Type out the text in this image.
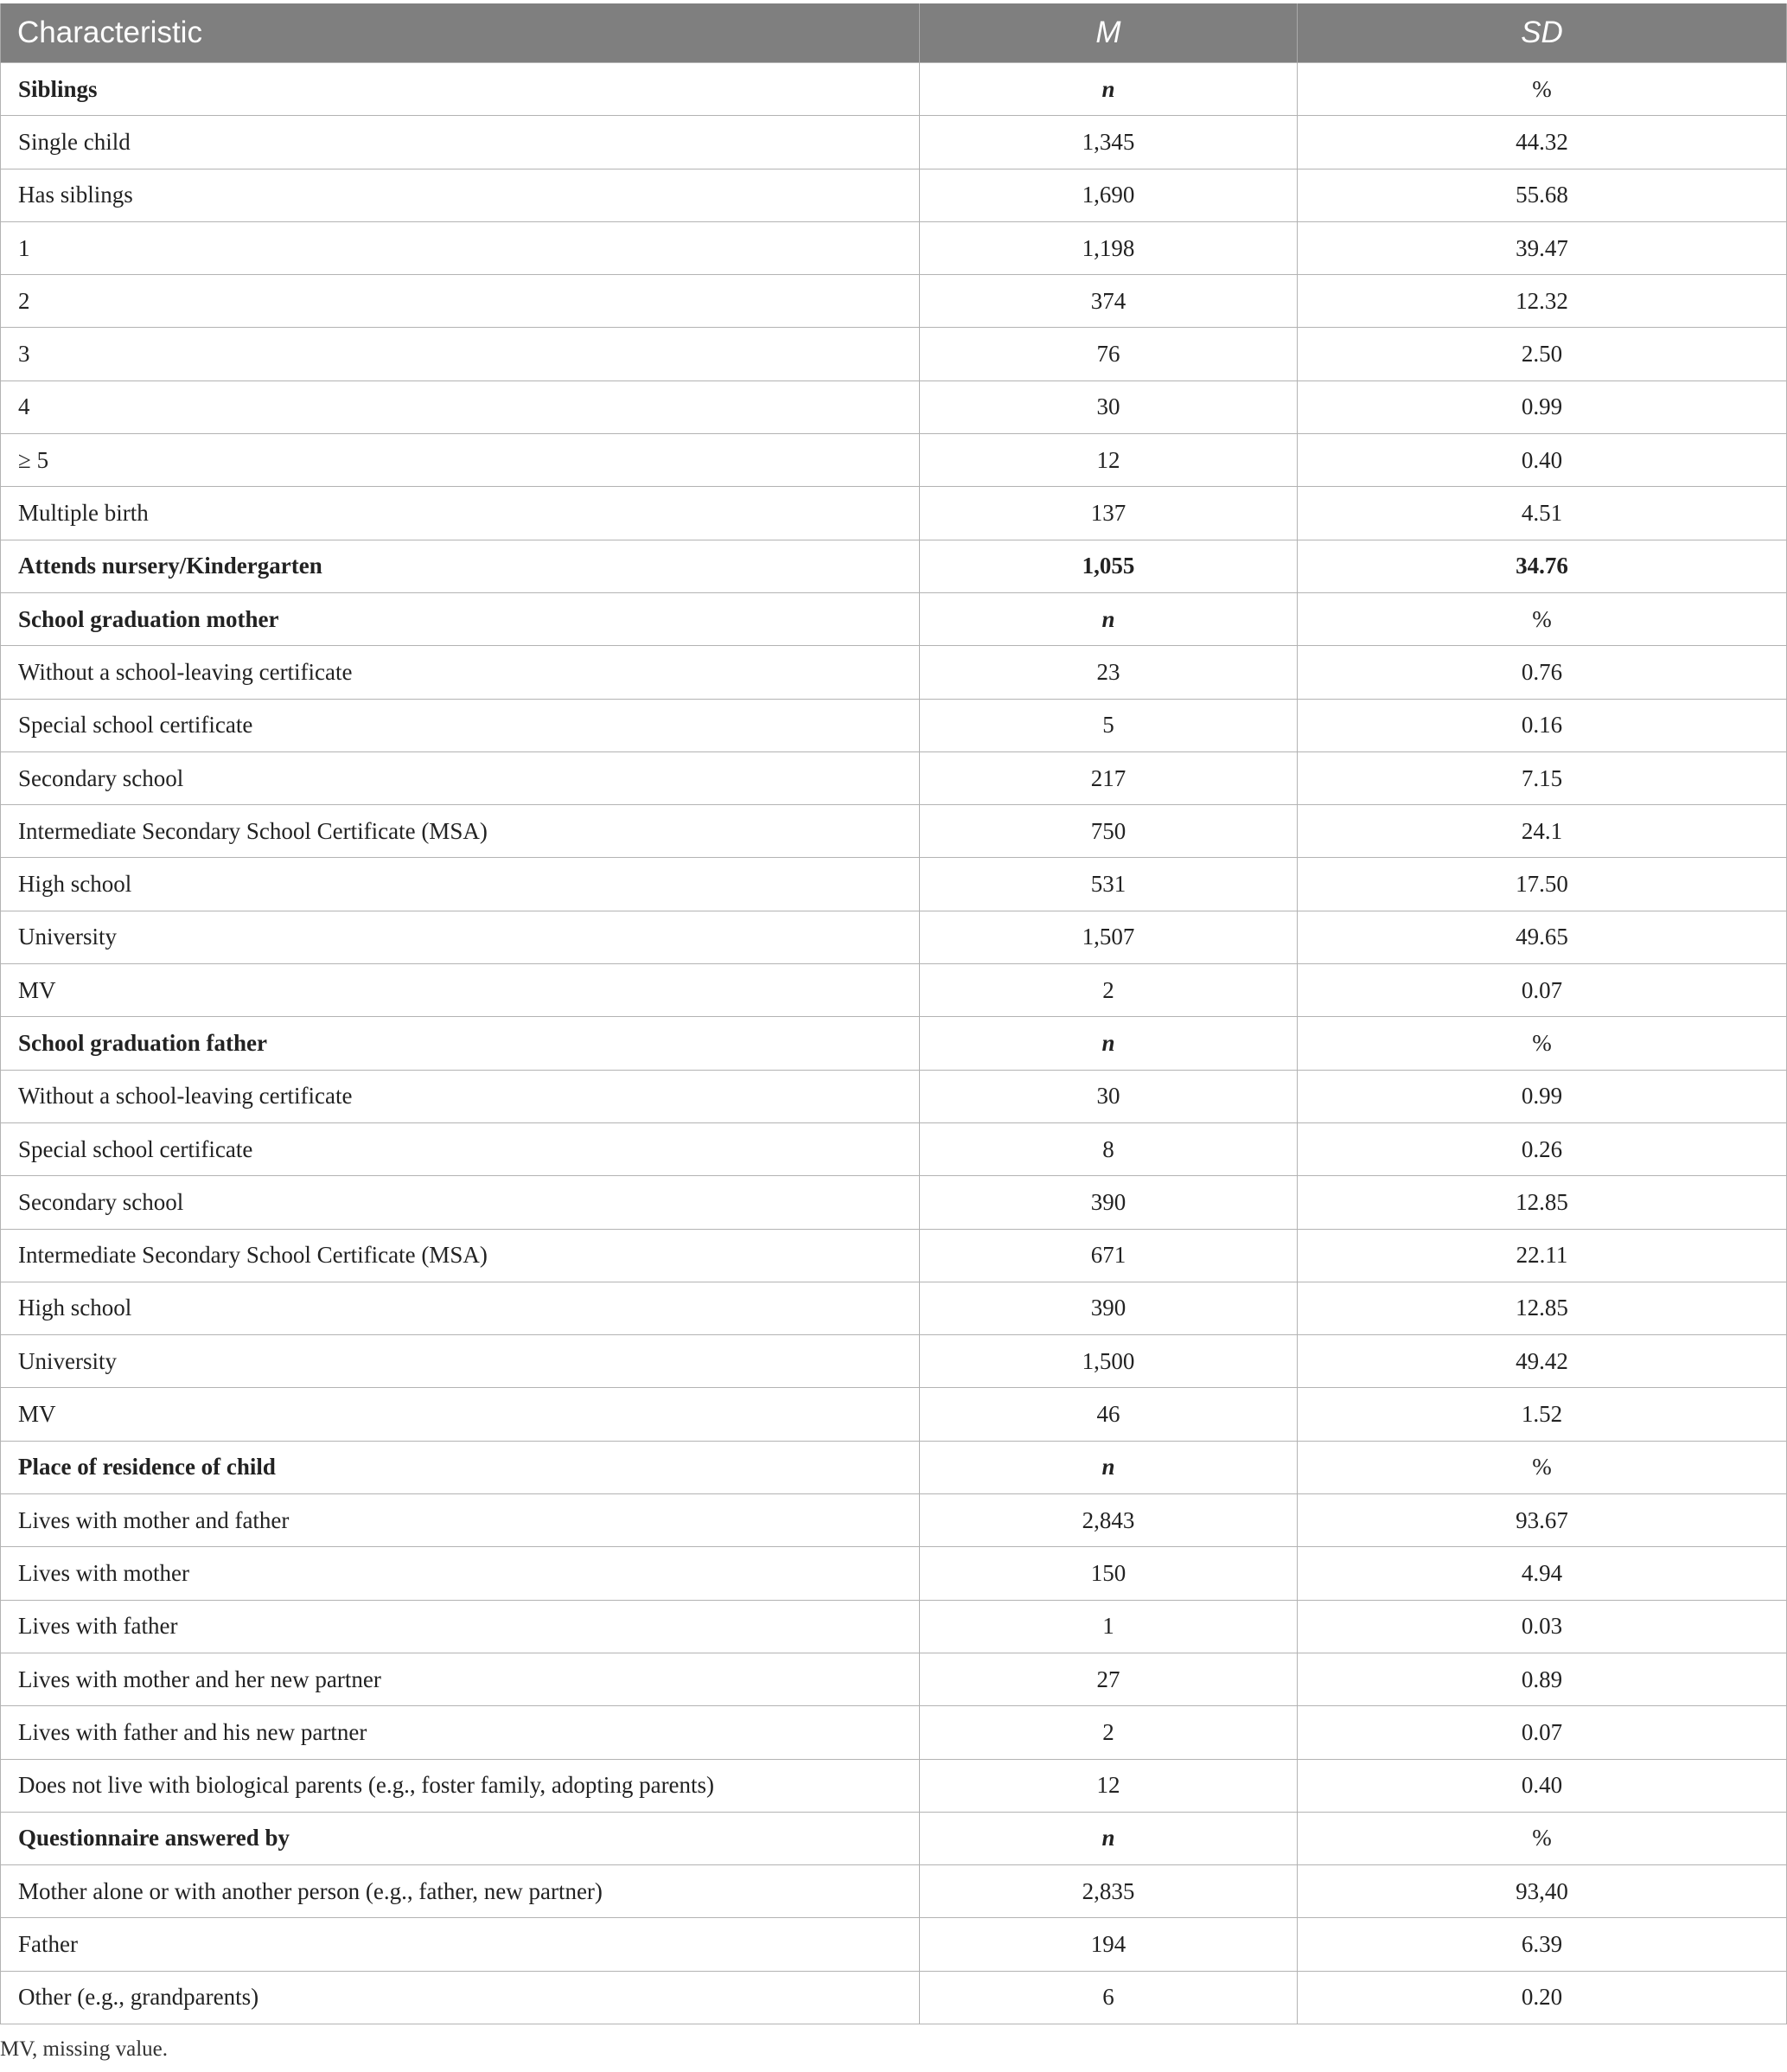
Characteristic	M	SD
Siblings	n	%
Single child	1,345	44.32
Has siblings	1,690	55.68
1	1,198	39.47
2	374	12.32
3	76	2.50
4	30	0.99
≥ 5	12	0.40
Multiple birth	137	4.51
Attends nursery/Kindergarten	1,055	34.76
School graduation mother	n	%
Without a school-leaving certificate	23	0.76
Special school certificate	5	0.16
Secondary school	217	7.15
Intermediate Secondary School Certificate (MSA)	750	24.1
High school	531	17.50
University	1,507	49.65
MV	2	0.07
School graduation father	n	%
Without a school-leaving certificate	30	0.99
Special school certificate	8	0.26
Secondary school	390	12.85
Intermediate Secondary School Certificate (MSA)	671	22.11
High school	390	12.85
University	1,500	49.42
MV	46	1.52
Place of residence of child	n	%
Lives with mother and father	2,843	93.67
Lives with mother	150	4.94
Lives with father	1	0.03
Lives with mother and her new partner	27	0.89
Lives with father and his new partner	2	0.07
Does not live with biological parents (e.g., foster family, adopting parents)	12	0.40
Questionnaire answered by	n	%
Mother alone or with another person (e.g., father, new partner)	2,835	93,40
Father	194	6.39
Other (e.g., grandparents)	6	0.20
MV, missing value.
